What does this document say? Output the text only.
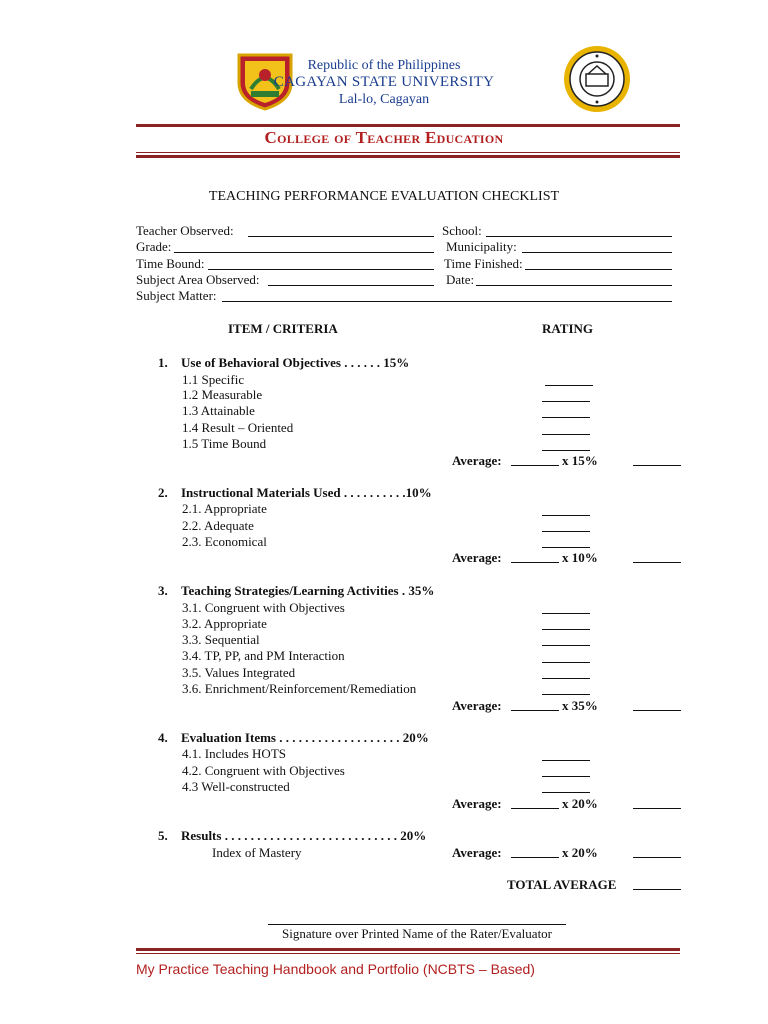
Republic of the Philippines
CAGAYAN STATE UNIVERSITY
Lal-lo, Cagayan
College of Teacher Education
TEACHING PERFORMANCE EVALUATION CHECKLIST
Teacher Observed:	School:
Grade:	Municipality:
Time Bound:	Time Finished:
Subject Area Observed:	Date:
Subject Matter:
ITEM / CRITERIA	RATING
1. Use of Behavioral Objectives . . . . . . 15%
1.1 Specific
1.2 Measurable
1.3 Attainable
1.4 Result – Oriented
1.5 Time Bound
Average:	x 15%
2. Instructional Materials Used . . . . . . . . . .10%
2.1. Appropriate
2.2. Adequate
2.3. Economical
Average:	x 10%
3. Teaching Strategies/Learning Activities . 35%
3.1. Congruent with Objectives
3.2. Appropriate
3.3. Sequential
3.4. TP, PP, and PM Interaction
3.5. Values Integrated
3.6. Enrichment/Reinforcement/Remediation
Average:	x 35%
4. Evaluation Items . . . . . . . . . . . . . . . . . . . 20%
4.1. Includes HOTS
4.2. Congruent with Objectives
4.3 Well-constructed
Average:	x 20%
5. Results . . . . . . . . . . . . . . . . . . . . . . . . . . . 20%
Index of Mastery	Average:	x 20%
TOTAL AVERAGE
Signature over Printed Name of the Rater/Evaluator
My Practice Teaching Handbook and Portfolio (NCBTS – Based)
